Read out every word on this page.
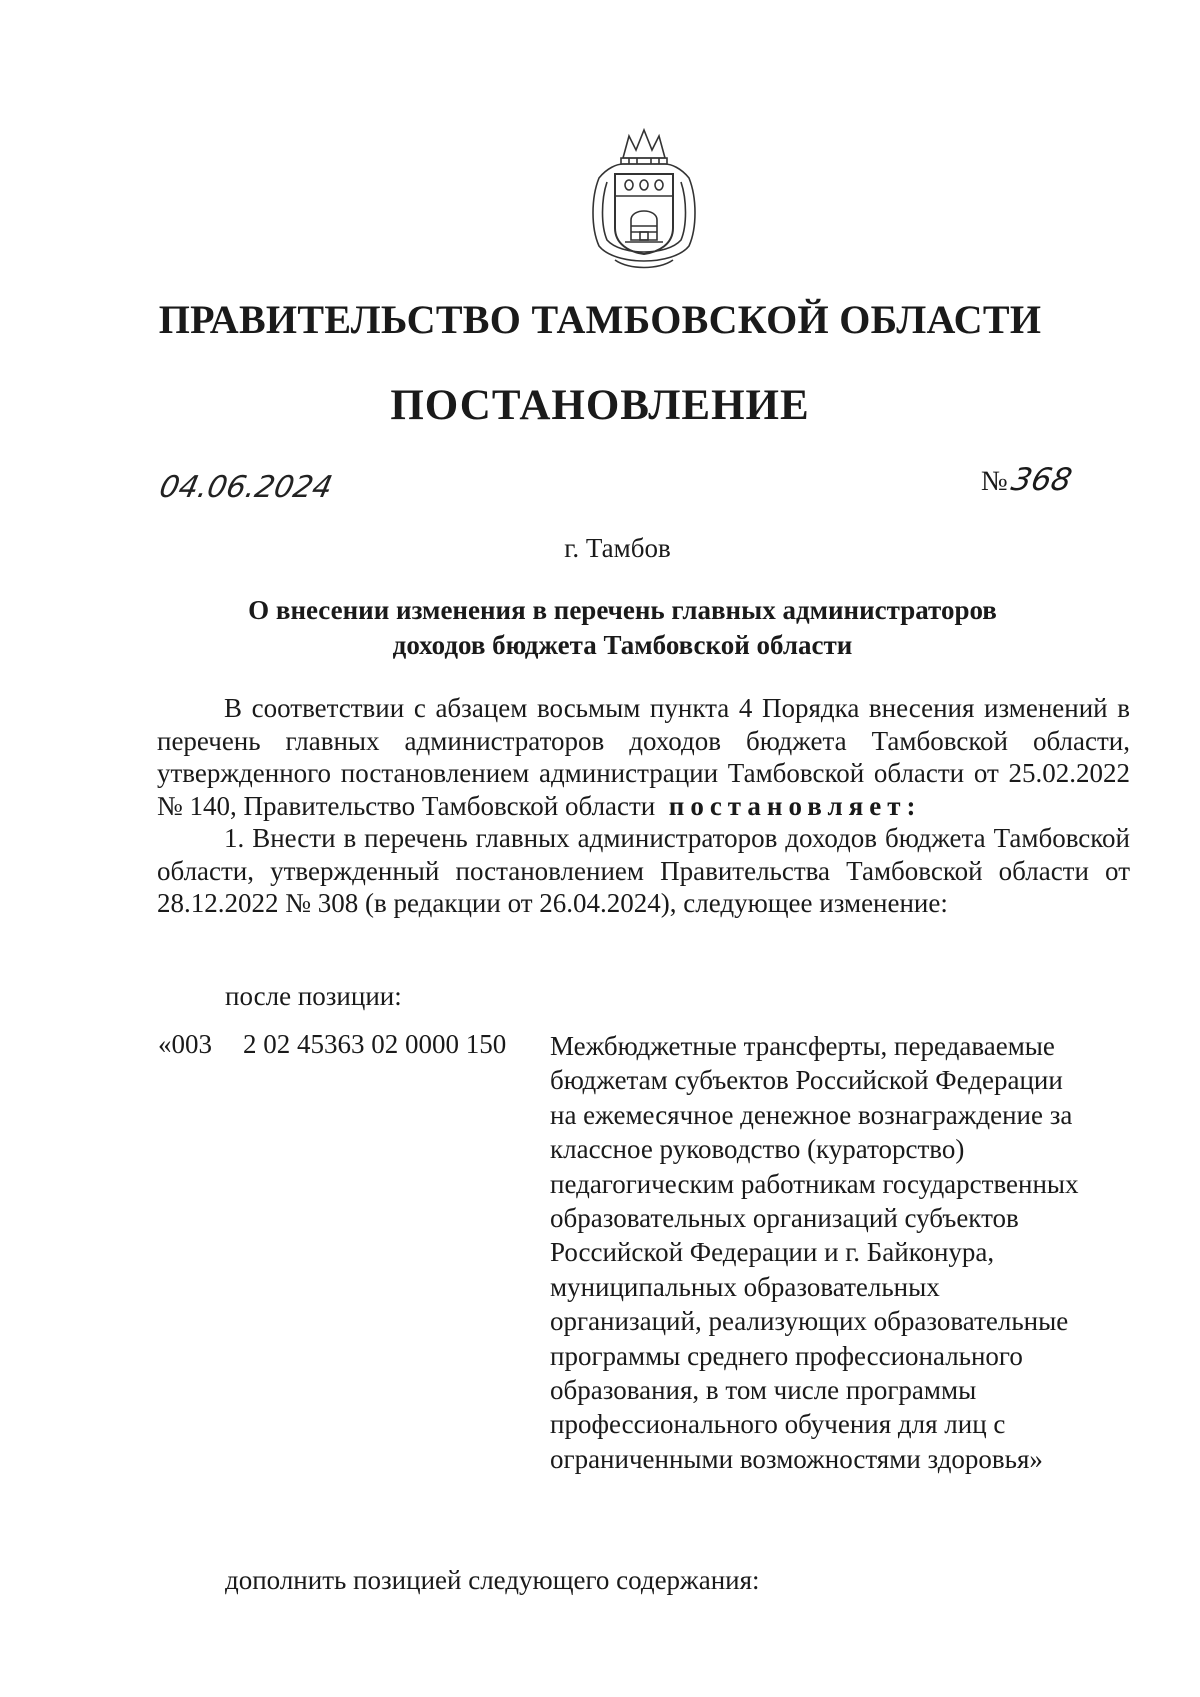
ПРАВИТЕЛЬСТВО ТАМБОВСКОЙ ОБЛАСТИ
ПОСТАНОВЛЕНИЕ
04.06.2024	№368
г. Тамбов
О внесении изменения в перечень главных администраторов
доходов бюджета Тамбовской области
В соответствии с абзацем восьмым пункта 4 Порядка внесения изменений в перечень главных администраторов доходов бюджета Тамбовской области, утвержденного постановлением администрации Тамбовской области от 25.02.2022 № 140, Правительство Тамбовской области постановляет:
1. Внести в перечень главных администраторов доходов бюджета Тамбовской области, утвержденный постановлением Правительства Тамбовской области от 28.12.2022 № 308 (в редакции от 26.04.2024), следующее изменение:
после позиции:
«003 2 02 45363 02 0000 150 Межбюджетные трансферты, передаваемые
бюджетам субъектов Российской Федерации
на ежемесячное денежное вознаграждение за
классное руководство (кураторство)
педагогическим работникам государственных
образовательных организаций субъектов
Российской Федерации и г. Байконура,
муниципальных образовательных
организаций, реализующих образовательные
программы среднего профессионального
образования, в том числе программы
профессионального обучения для лиц с
ограниченными возможностями здоровья»
дополнить позицией следующего содержания:
